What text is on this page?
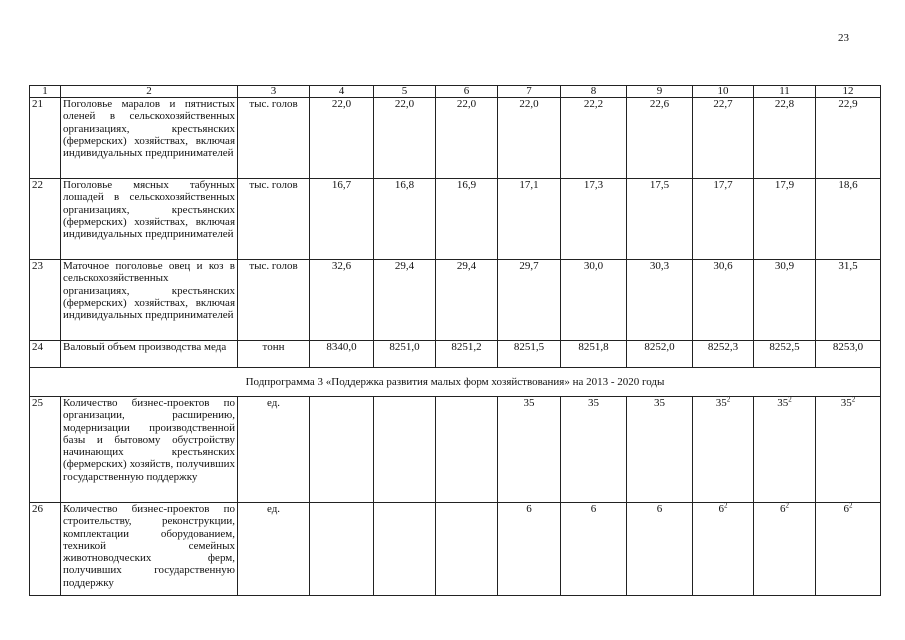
23
1	2	3	4	5	6	7	8	9	10	11	12
21	Поголовье маралов и пятнистых оленей в сельскохозяйственных организациях, крестьянских (фермерских) хозяйствах, включая индивидуальных предпринимателей	тыс. голов	22,0	22,0	22,0	22,0	22,2	22,6	22,7	22,8	22,9
22	Поголовье мясных табунных лошадей в сельскохозяйственных организациях, крестьянских (фермерских) хозяйствах, включая индивидуальных предпринимателей	тыс. голов	16,7	16,8	16,9	17,1	17,3	17,5	17,7	17,9	18,6
23	Маточное поголовье овец и коз в сельскохозяйственных организациях, крестьянских (фермерских) хозяйствах, включая индивидуальных предпринимателей	тыс. голов	32,6	29,4	29,4	29,7	30,0	30,3	30,6	30,9	31,5
24	Валовый объем производства меда	тонн	8340,0	8251,0	8251,2	8251,5	8251,8	8252,0	8252,3	8252,5	8253,0
Подпрограмма 3 «Поддержка развития малых форм хозяйствования» на 2013 - 2020 годы											
25	Количество бизнес-проектов по организации, расширению, модернизации производственной базы и бытовому обустройству начинающих крестьянских (фермерских) хозяйств, получивших государственную поддержку	ед.				35	35	35	$35^2$	$35^2$	$35^2$
26	Количество бизнес-проектов по строительству, реконструкции, комплектации оборудованием, техникой семейных животноводческих ферм, получивших государственную поддержку	ед.				6	6	6	$6^2$	$6^2$	$6^2$
